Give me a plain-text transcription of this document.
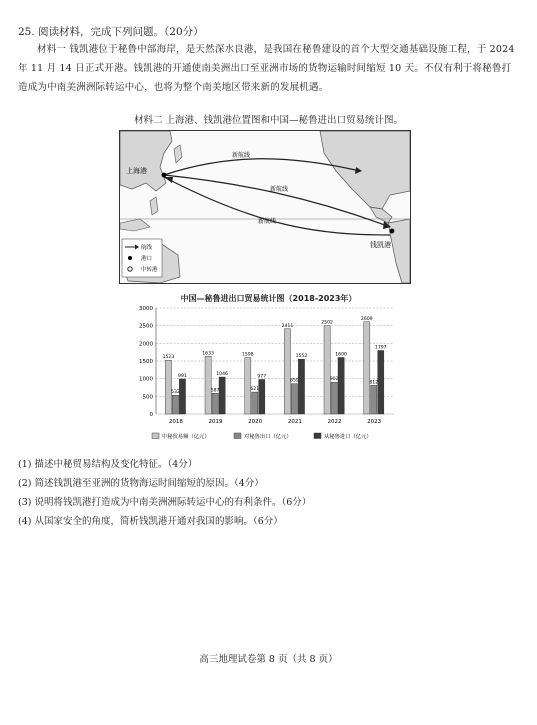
25. 阅读材料，完成下列问题。（20分）
材料一 钱凯港位于秘鲁中部海岸，是天然深水良港，是我国在秘鲁建设的首个大型交通基础设施工程，于 2024 年 11 月 14 日正式开港。钱凯港的开通使南美洲出口至亚洲市场的货物运输时间缩短 10 天。不仅有利于将秘鲁打造成为中南美洲洲际转运中心，也将为整个南美地区带来新的发展机遇。
材料二 上海港、钱凯港位置图和中国—秘鲁进出口贸易统计图。
上海港
钱凯港
新航线
新航线
新航线
航线
港口
中转港
中国—秘鲁进出口贸易统计图（2018-2023年）
0
500
1000
1500
2000
2500
3000
1523
532
991
2018
1633
587
1046
2019
1598
621
977
2020
2411
859
1552
2021
2502
902
1600
2022
2609
812
1797
2023
中秘贸易额（亿元）	对秘鲁出口（亿元）	从秘鲁进口（亿元）
(1) 描述中秘贸易结构及变化特征。（4分）
(2) 简述钱凯港至亚洲的货物海运时间缩短的原因。（4分）
(3) 说明将钱凯港打造成为中南美洲洲际转运中心的有利条件。（6分）
(4) 从国家安全的角度，简析钱凯港开通对我国的影响。（6分）
高三地理试卷第 8 页（共 8 页）
